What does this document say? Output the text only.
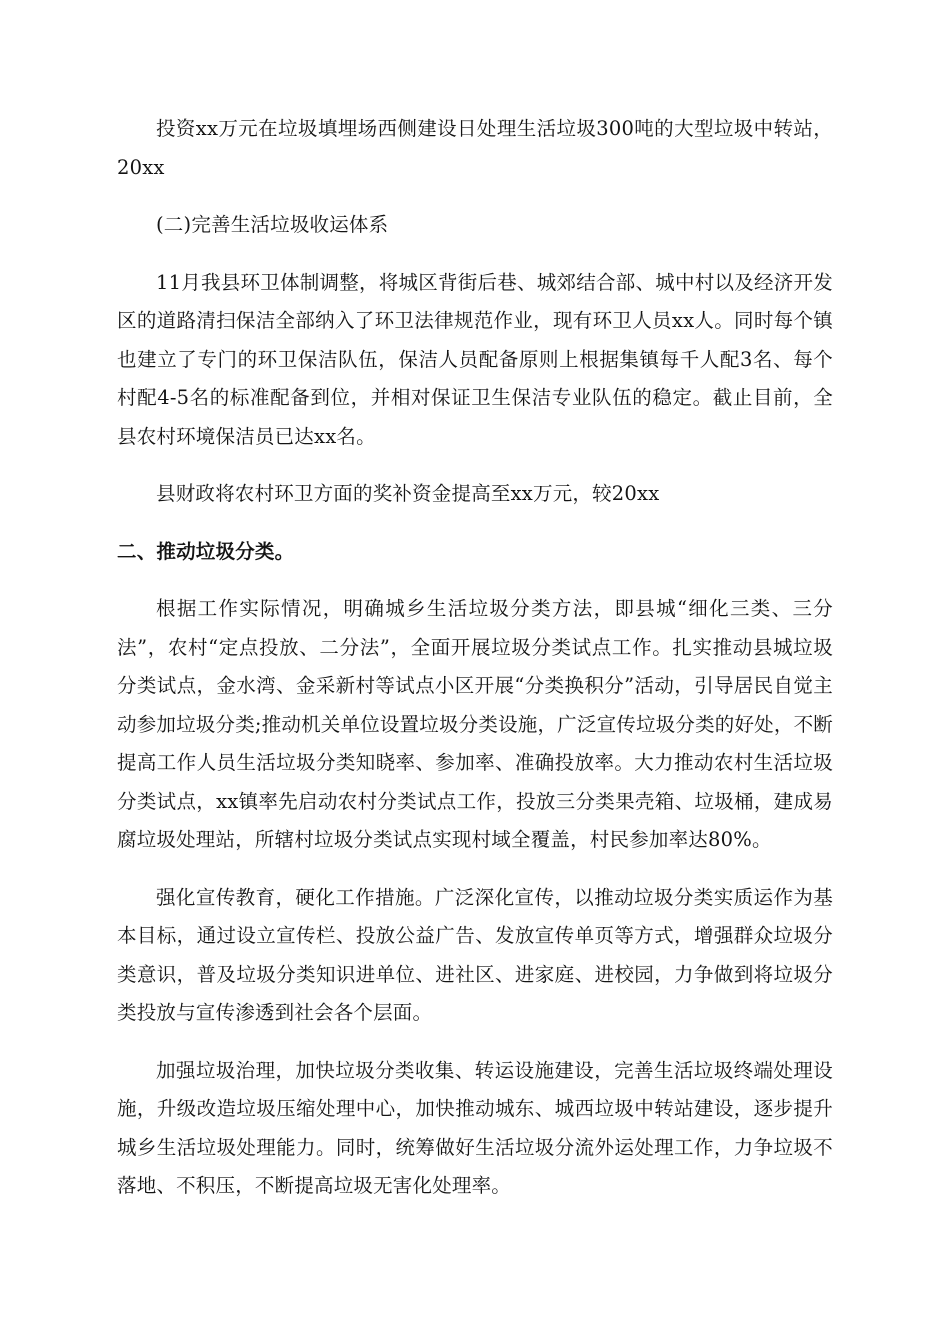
投资xx万元在垃圾填埋场西侧建设日处理生活垃圾300吨的大型垃圾中转站，20xx

(二)完善生活垃圾收运体系

11月我县环卫体制调整，将城区背街后巷、城郊结合部、城中村以及经济开发区的道路清扫保洁全部纳入了环卫法律规范作业，现有环卫人员xx人。同时每个镇也建立了专门的环卫保洁队伍，保洁人员配备原则上根据集镇每千人配3名、每个村配4-5名的标准配备到位，并相对保证卫生保洁专业队伍的稳定。截止目前，全县农村环境保洁员已达xx名。

县财政将农村环卫方面的奖补资金提高至xx万元，较20xx

二、推动垃圾分类。

根据工作实际情况，明确城乡生活垃圾分类方法，即县城“细化三类、三分法”，农村“定点投放、二分法”，全面开展垃圾分类试点工作。扎实推动县城垃圾分类试点，金水湾、金采新村等试点小区开展“分类换积分”活动，引导居民自觉主动参加垃圾分类;推动机关单位设置垃圾分类设施，广泛宣传垃圾分类的好处，不断提高工作人员生活垃圾分类知晓率、参加率、准确投放率。大力推动农村生活垃圾分类试点，xx镇率先启动农村分类试点工作，投放三分类果壳箱、垃圾桶，建成易腐垃圾处理站，所辖村垃圾分类试点实现村域全覆盖，村民参加率达80%。

强化宣传教育，硬化工作措施。广泛深化宣传，以推动垃圾分类实质运作为基本目标，通过设立宣传栏、投放公益广告、发放宣传单页等方式，增强群众垃圾分类意识，普及垃圾分类知识进单位、进社区、进家庭、进校园，力争做到将垃圾分类投放与宣传渗透到社会各个层面。

加强垃圾治理，加快垃圾分类收集、转运设施建设，完善生活垃圾终端处理设施，升级改造垃圾压缩处理中心，加快推动城东、城西垃圾中转站建设，逐步提升城乡生活垃圾处理能力。同时，统筹做好生活垃圾分流外运处理工作，力争垃圾不落地、不积压，不断提高垃圾无害化处理率。
